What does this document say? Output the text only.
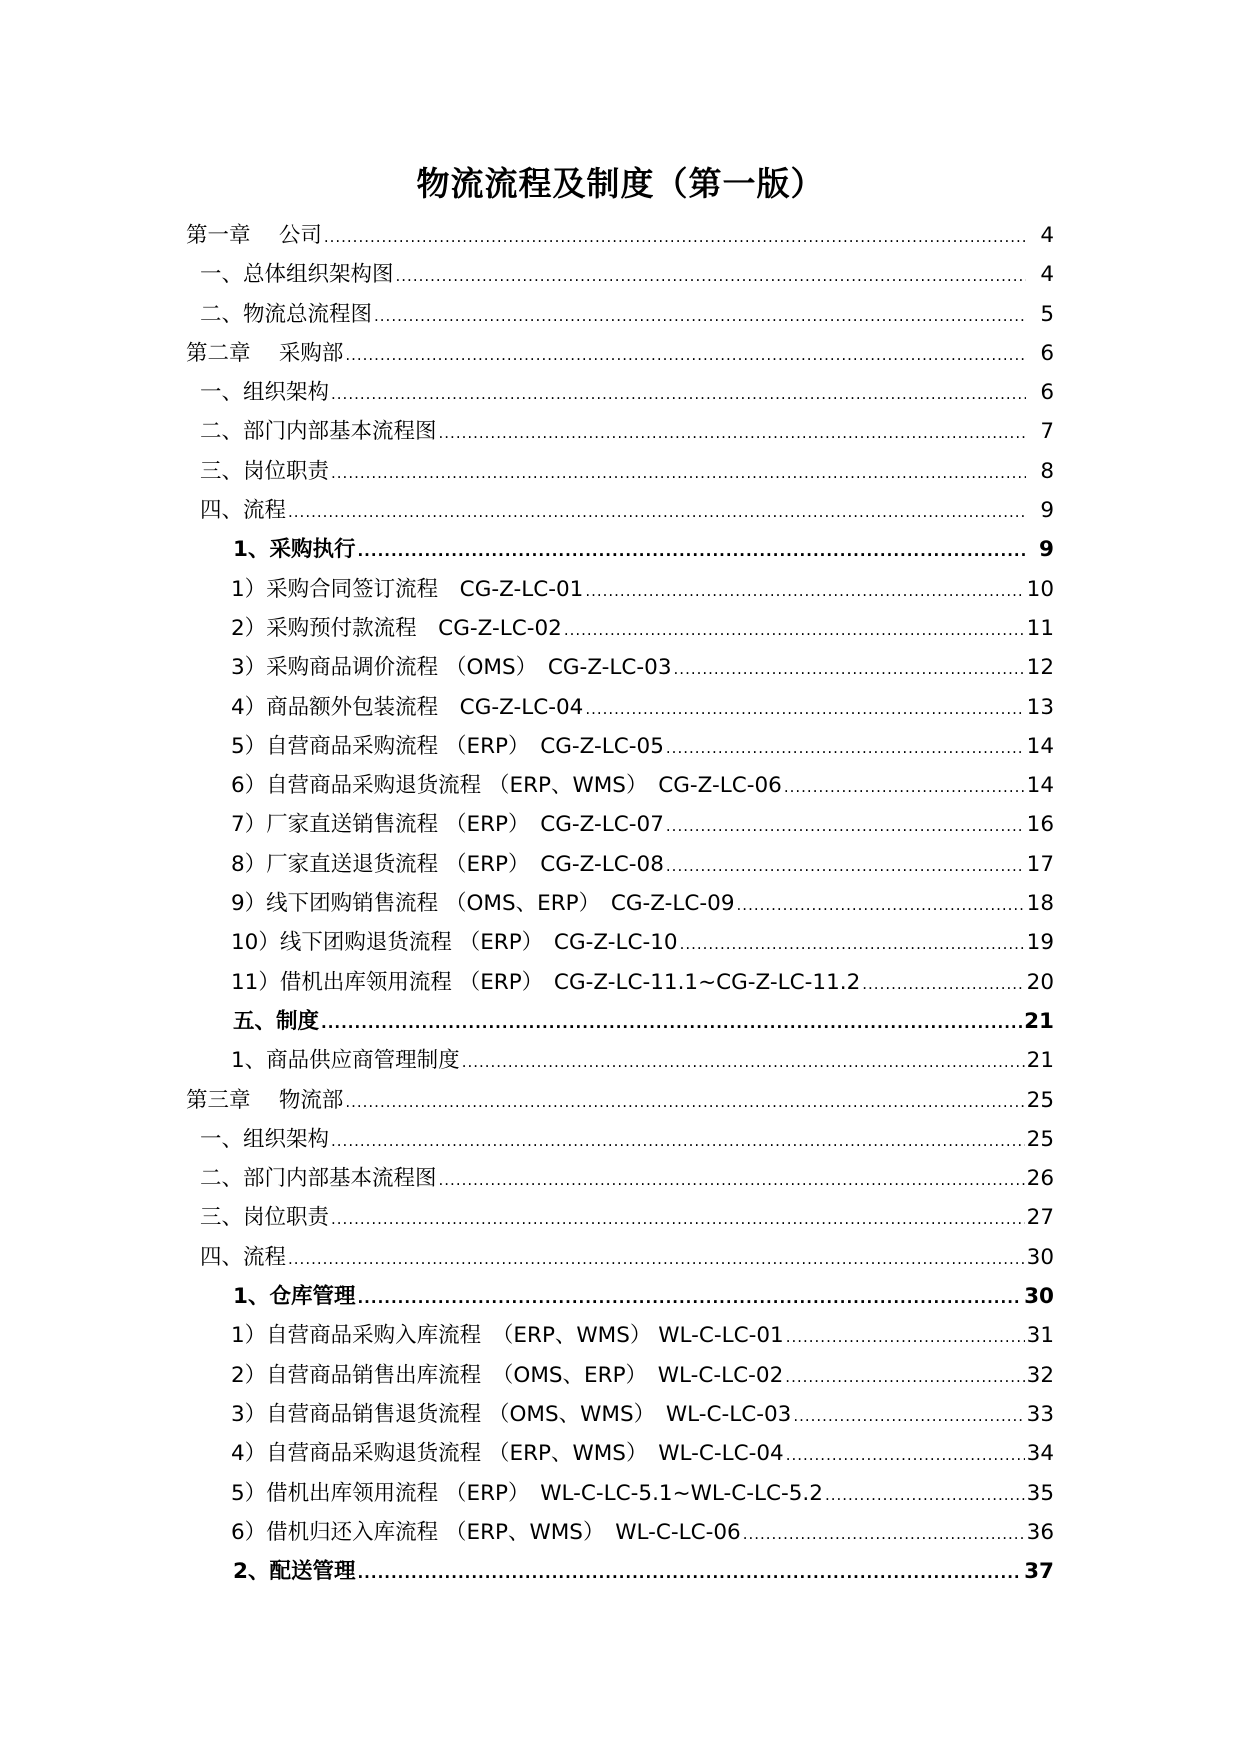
物流流程及制度（第一版）
第一章　 公司 .....	4
一、总体组织架构图 .....	4
二、物流总流程图 .....	5
第二章　 采购部 .....	6
一、组织架构 .....	6
二、部门内部基本流程图 .....	7
三、岗位职责 .....	8
四、流程 .....	9
1、采购执行 .....	9
1）采购合同签订流程　CG-Z-LC-01 .....	10
2）采购预付款流程　CG-Z-LC-02 .....	11
3）采购商品调价流程 （OMS）　CG-Z-LC-03 .....	12
4）商品额外包装流程　CG-Z-LC-04 .....	13
5）自营商品采购流程 （ERP）　CG-Z-LC-05 .....	14
6）自营商品采购退货流程 （ERP、WMS）　CG-Z-LC-06 .....	14
7）厂家直送销售流程 （ERP）　CG-Z-LC-07 .....	16
8）厂家直送退货流程 （ERP）　CG-Z-LC-08 .....	17
9）线下团购销售流程 （OMS、ERP）　CG-Z-LC-09 .....	18
10）线下团购退货流程 （ERP）　CG-Z-LC-10 .....	19
11）借机出库领用流程 （ERP）　CG-Z-LC-11.1~CG-Z-LC-11.2 .....	20
五、制度 .....	21
1、商品供应商管理制度 .....	21
第三章　 物流部 .....	25
一、组织架构 .....	25
二、部门内部基本流程图 .....	26
三、岗位职责 .....	27
四、流程 .....	30
1、仓库管理 .....	30
1）自营商品采购入库流程　（ERP、WMS） WL-C-LC-01 .....	31
2）自营商品销售出库流程　（OMS、ERP）　WL-C-LC-02 .....	32
3）自营商品销售退货流程 （OMS、WMS）　WL-C-LC-03 .....	33
4）自营商品采购退货流程 （ERP、WMS）　WL-C-LC-04 .....	34
5）借机出库领用流程 （ERP）　WL-C-LC-5.1~WL-C-LC-5.2 .....	35
6）借机归还入库流程 （ERP、WMS）　WL-C-LC-06 .....	36
2、配送管理 .....	37
